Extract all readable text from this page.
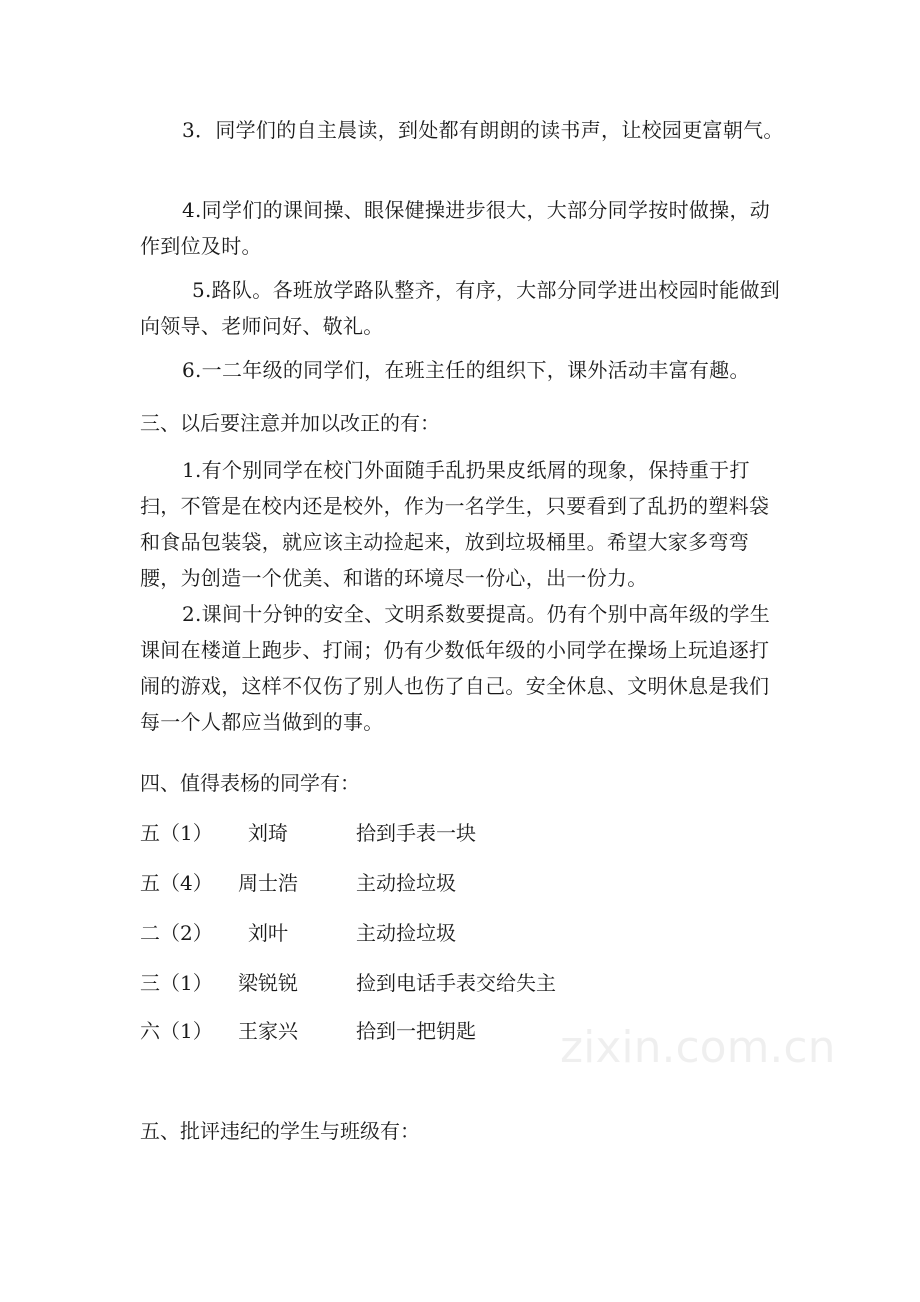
3．同学们的自主晨读，到处都有朗朗的读书声，让校园更富朝气。

4.同学们的课间操、眼保健操进步很大，大部分同学按时做操，动作到位及时。

5.路队。各班放学路队整齐，有序，大部分同学进出校园时能做到向领导、老师问好、敬礼。

6.一二年级的同学们，在班主任的组织下，课外活动丰富有趣。

三、以后要注意并加以改正的有：

1.有个别同学在校门外面随手乱扔果皮纸屑的现象，保持重于打扫，不管是在校内还是校外，作为一名学生，只要看到了乱扔的塑料袋和食品包装袋，就应该主动捡起来，放到垃圾桶里。希望大家多弯弯腰，为创造一个优美、和谐的环境尽一份心，出一份力。

2.课间十分钟的安全、文明系数要提高。仍有个别中高年级的学生课间在楼道上跑步、打闹；仍有少数低年级的小同学在操场上玩追逐打闹的游戏，这样不仅伤了别人也伤了自己。安全休息、文明休息是我们每一个人都应当做到的事。

四、值得表杨的同学有：

五（1） 刘琦	拾到手表一块
五（4） 周士浩	主动捡垃圾
二（2） 刘叶	主动捡垃圾
三（1） 梁锐锐	捡到电话手表交给失主
六（1） 王家兴	拾到一把钥匙

五、批评违纪的学生与班级有：

zixin.com.cn
